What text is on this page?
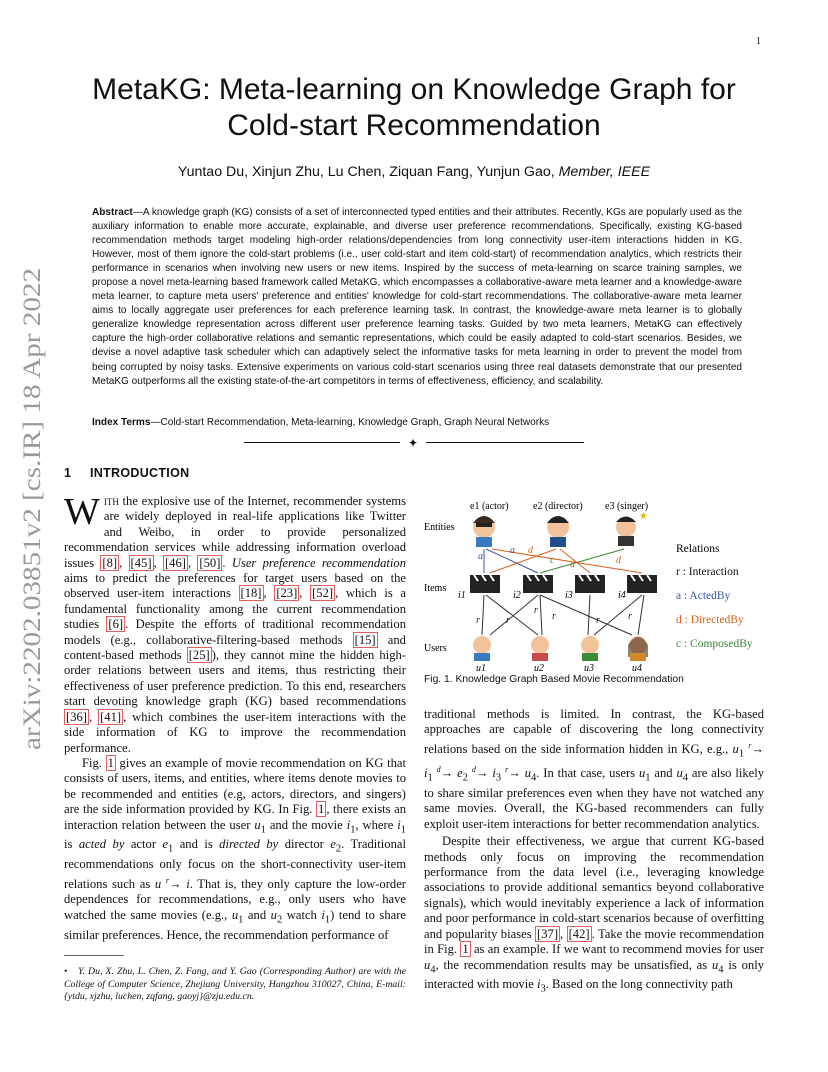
1
arXiv:2202.03851v2 [cs.IR] 18 Apr 2022
MetaKG: Meta-learning on Knowledge Graph for
Cold-start Recommendation
Yuntao Du, Xinjun Zhu, Lu Chen, Ziquan Fang, Yunjun Gao, Member, IEEE
Abstract—A knowledge graph (KG) consists of a set of interconnected typed entities and their attributes. Recently, KGs are popularly used as the auxiliary information to enable more accurate, explainable, and diverse user preference recommendations. Specifically, existing KG-based recommendation methods target modeling high-order relations/dependencies from long connectivity user-item interactions hidden in KG. However, most of them ignore the cold-start problems (i.e., user cold-start and item cold-start) of recommendation analytics, which restricts their performance in scenarios when involving new users or new items. Inspired by the success of meta-learning on scarce training samples, we propose a novel meta-learning based framework called MetaKG, which encompasses a collaborative-aware meta learner and a knowledge-aware meta learner, to capture meta users' preference and entities' knowledge for cold-start recommendations. The collaborative-aware meta learner aims to locally aggregate user preferences for each preference learning task. In contrast, the knowledge-aware meta learner is to globally generalize knowledge representation across different user preference learning tasks. Guided by two meta learners, MetaKG can effectively capture the high-order collaborative relations and semantic representations, which could be easily adapted to cold-start scenarios. Besides, we devise a novel adaptive task scheduler which can adaptively select the informative tasks for meta learning in order to prevent the model from being corrupted by noisy tasks. Extensive experiments on various cold-start scenarios using three real datasets demonstrate that our presented MetaKG outperforms all the existing state-of-the-art competitors in terms of effectiveness, efficiency, and scalability.
Index Terms—Cold-start Recommendation, Meta-learning, Knowledge Graph, Graph Neural Networks
✦
1 INTRODUCTION
With the explosive use of the Internet, recommender systems are widely deployed in real-life applications like Twitter and Weibo, in order to provide personalized recommendation services while addressing information overload issues [8] , [45] , [46] , [50] . User preference recommendation aims to predict the preferences for target users based on the observed user-item interactions [18] , [23] , [52] , which is a fundamental functionality among the current recommendation studies [6] . Despite the efforts of traditional recommendation models (e.g., collaborative-filtering-based methods [15] and content-based methods [25] ), they cannot mine the hidden high-order relations between users and items, thus restricting their effectiveness of user preference prediction. To this end, researchers start devoting knowledge graph (KG) based recommendations [36] , [41] , which combines the user-item interactions with the side information of KG to improve the recommendation performance.
Fig. 1 gives an example of movie recommendation on KG that consists of users, items, and entities, where items denote movies to be recommended and entities (e.g, actors, directors, and singers) are the side information provided by KG. In Fig. 1 , there exists an interaction relation between the user $u_1$ and the movie $i_1$, where $i_1$ is acted by actor $e_1$ and is directed by director $e_2$. Traditional recommendations only focus on the short-connectivity user-item relations such as u $^r$→ i. That is, they only capture the low-order dependences for recommendations, e.g., only users who have watched the same movies (e.g., $u_1$ and $u_2$ watch $i_1$) tend to share similar preferences. Hence, the recommendation performance of
• Y. Du, X. Zhu, L. Chen, Z. Fang, and Y. Gao (Corresponding Author) are with the College of Computer Science, Zhejiang University, Hangzhou 310027, China, E-mail:{ytdu, xjzhu, luchen, zqfang, gaoyj}@zju.edu.cn.
e1 (actor) e2 (director) e3 (singer)
Entities
Items
Users
★
i1	i2	i3	i4
a
a d
c d	d
r	r
r
r	r	r
u1	u2	u3	u4
Relations
r : Interaction
a : ActedBy
d : DirectedBy
c : ComposedBy
Fig. 1. Knowledge Graph Based Movie Recommendation
traditional methods is limited. In contrast, the KG-based approaches are capable of discovering the long connectivity relations based on the side information hidden in KG, e.g., $u_1$ $^r\to i_1$ $^d\to e_2$ $^d\to i_3$ $^r\to u_4$. In that case, users $u_1$ and $u_4$ are also likely to share similar preferences even when they have not watched any same movies. Overall, the KG-based recommenders can fully exploit user-item interactions for better recommendation analytics.
Despite their effectiveness, we argue that current KG-based methods only focus on improving the recommendation performance from the data level (i.e., leveraging knowledge associations to provide additional semantics beyond collaborative signals), which would inevitably experience a lack of information and poor performance in cold-start scenarios because of overfitting and popularity biases [37] , [42] . Take the movie recommendation in Fig. 1 as an example. If we want to recommend movies for user $u_4$, the recommendation results may be unsatisfied, as $u_4$ is only interacted with movie $i_3$. Based on the long connectivity path
